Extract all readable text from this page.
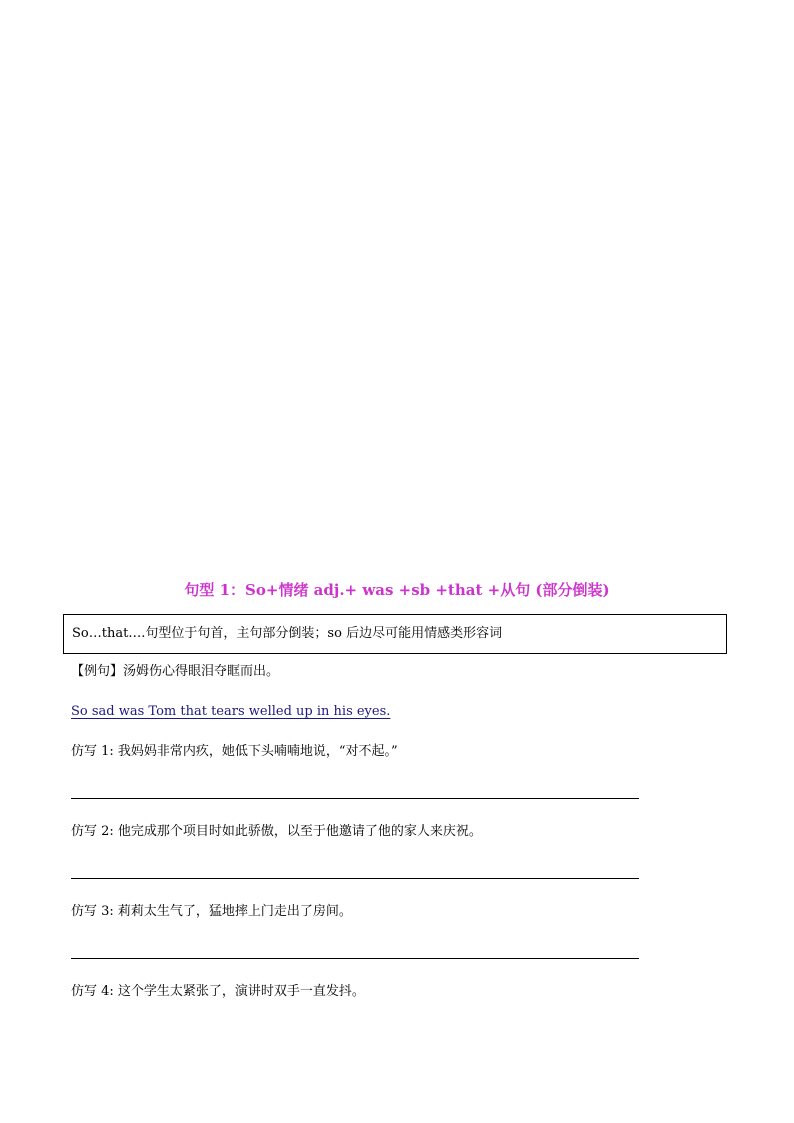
句型 1：So+情绪 adj.+ was +sb +that +从句 (部分倒装)
So…that….句型位于句首，主句部分倒装；so 后边尽可能用情感类形容词
【例句】汤姆伤心得眼泪夺眶而出。
So sad was Tom that tears welled up in his eyes.
仿写 1: 我妈妈非常内疚，她低下头喃喃地说，“对不起。”
仿写 2: 他完成那个项目时如此骄傲，以至于他邀请了他的家人来庆祝。
仿写 3: 莉莉太生气了，猛地摔上门走出了房间。
仿写 4: 这个学生太紧张了，演讲时双手一直发抖。
